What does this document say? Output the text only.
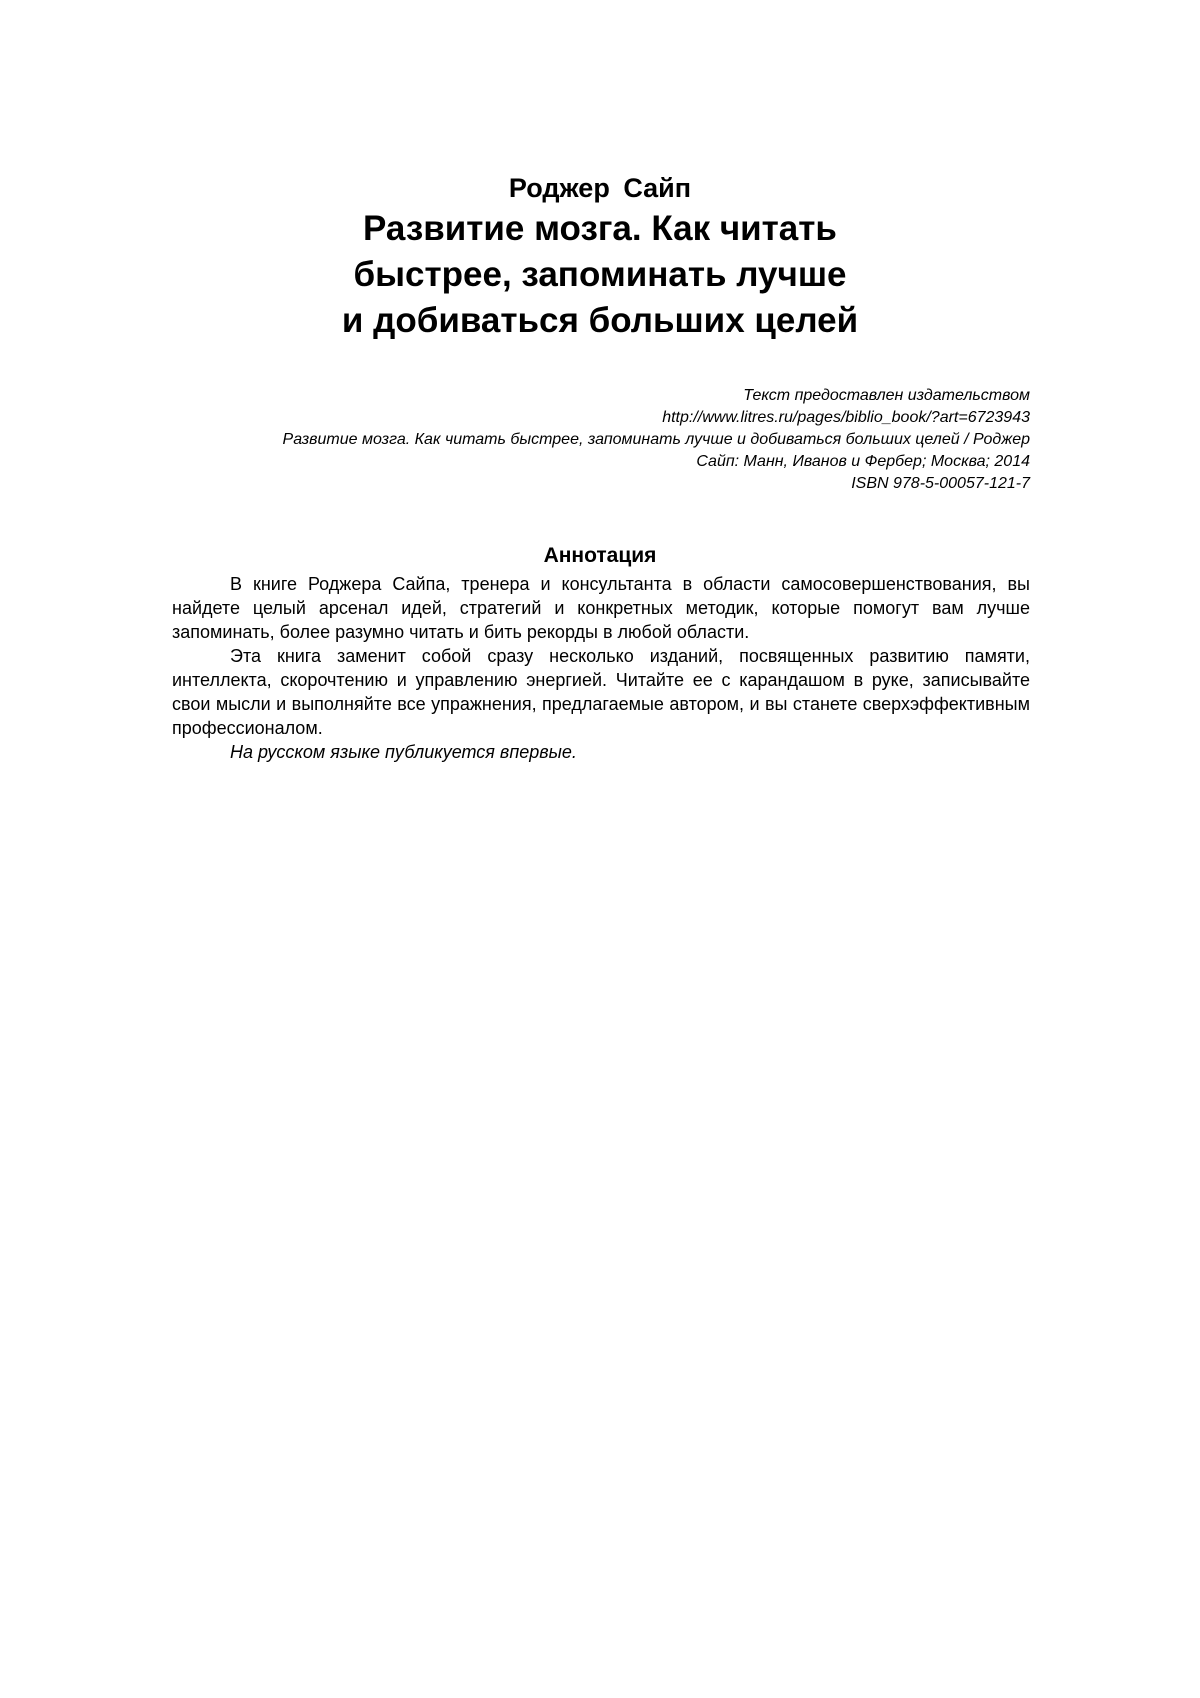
Роджер Сайп
Развитие мозга. Как читать
быстрее, запоминать лучше
и добиваться больших целей
Текст предоставлен издательством
http://www.litres.ru/pages/biblio_book/?art=6723943
Развитие мозга. Как читать быстрее, запоминать лучше и добиваться больших целей / Роджер
Сайп: Манн, Иванов и Фербер; Москва; 2014
ISBN 978-5-00057-121-7
Аннотация

В книге Роджера Сайпа, тренера и консультанта в области самосовершенствования, вы найдете целый арсенал идей, стратегий и конкретных методик, которые помогут вам лучше запоминать, более разумно читать и бить рекорды в любой области.

Эта книга заменит собой сразу несколько изданий, посвященных развитию памяти, интеллекта, скорочтению и управлению энергией. Читайте ее с карандашом в руке, записывайте свои мысли и выполняйте все упражнения, предлагаемые автором, и вы станете сверхэффективным профессионалом.

На русском языке публикуется впервые.
